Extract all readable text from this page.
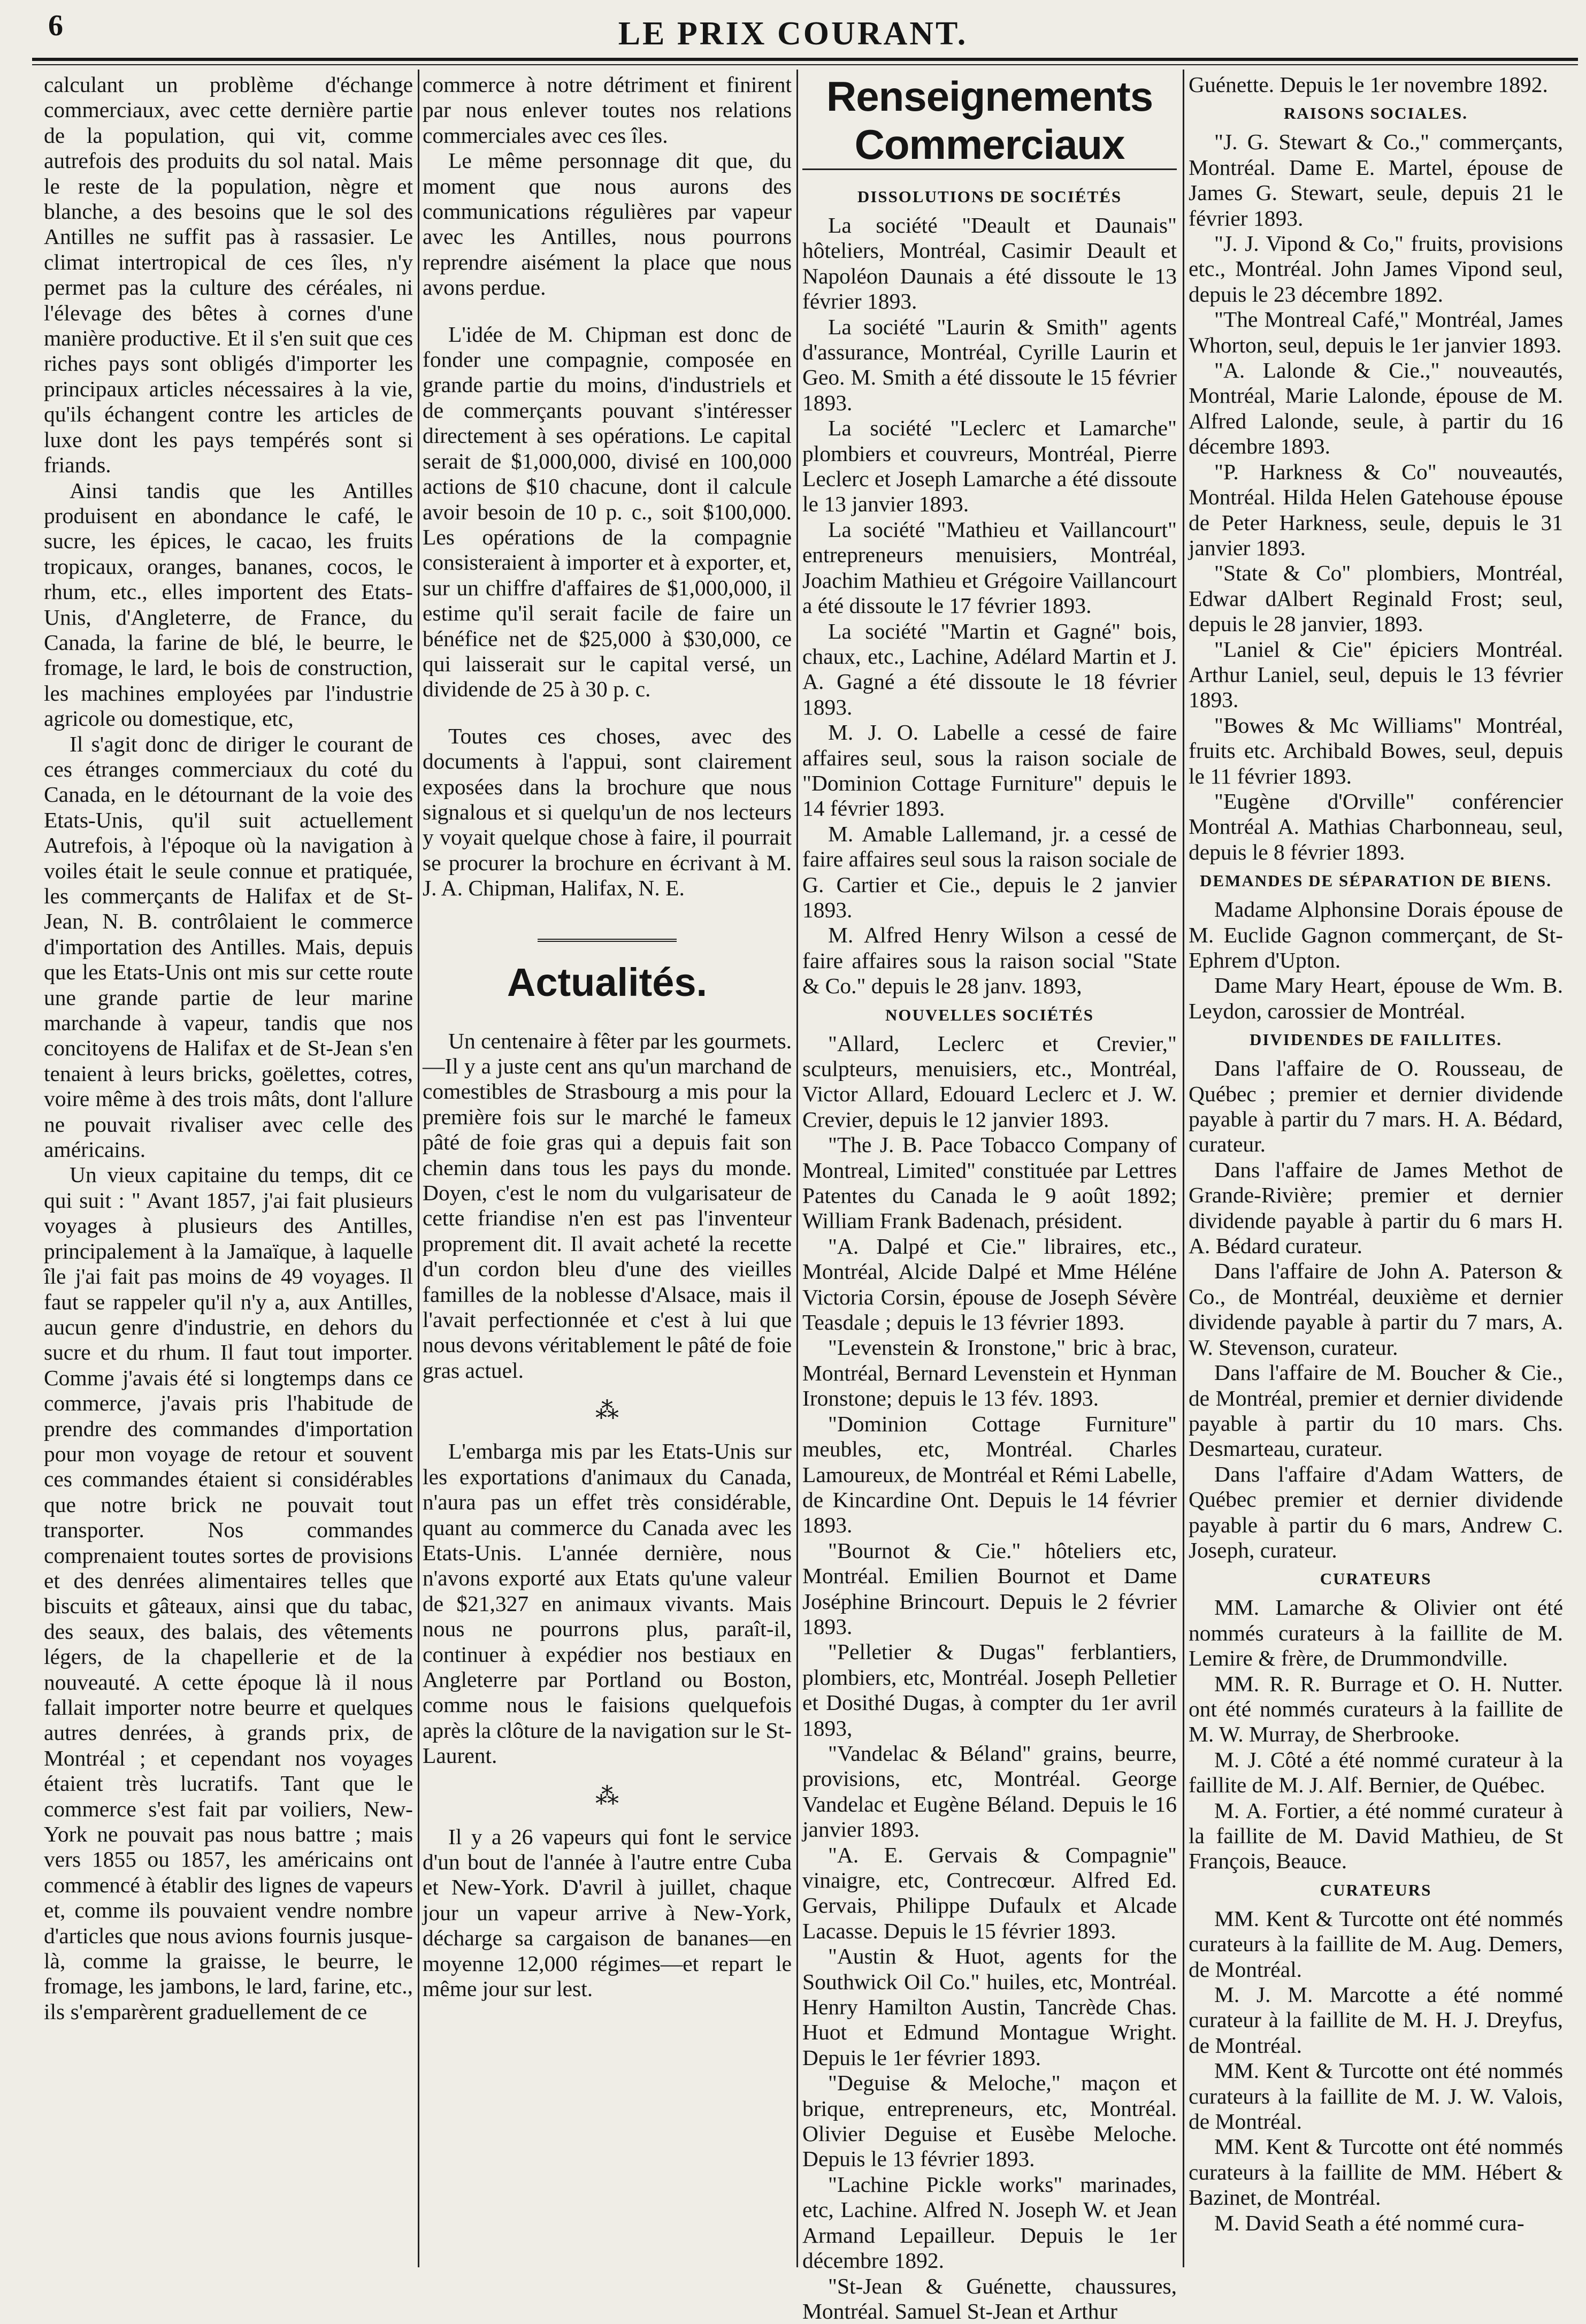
6	LE PRIX COURANT.

calculant un problème d'échange commerciaux, avec cette dernière partie de la population, qui vit, comme autrefois des produits du sol natal. Mais le reste de la population, nègre et blanche, a des besoins que le sol des Antilles ne suffit pas à rassasier. Le climat intertropical de ces îles, n'y permet pas la culture des céréales, ni l'élevage des bêtes à cornes d'une manière productive. Et il s'en suit que ces riches pays sont obligés d'importer les principaux articles nécessaires à la vie, qu'ils échangent contre les articles de luxe dont les pays tempérés sont si friands.

Ainsi tandis que les Antilles produisent en abondance le café, le sucre, les épices, le cacao, les fruits tropicaux, oranges, bananes, cocos, le rhum, etc., elles importent des Etats-Unis, d'Angleterre, de France, du Canada, la farine de blé, le beurre, le fromage, le lard, le bois de construction, les machines employées par l'industrie agricole ou domestique, etc,

Il s'agit donc de diriger le courant de ces étranges commerciaux du coté du Canada, en le détournant de la voie des Etats-Unis, qu'il suit actuellement Autrefois, à l'époque où la navigation à voiles était le seule connue et pratiquée, les commerçants de Halifax et de St-Jean, N. B. contrôlaient le commerce d'importation des Antilles. Mais, depuis que les Etats-Unis ont mis sur cette route une grande partie de leur marine marchande à vapeur, tandis que nos concitoyens de Halifax et de St-Jean s'en tenaient à leurs bricks, goëlettes, cotres, voire même à des trois mâts, dont l'allure ne pouvait rivaliser avec celle des américains.

Un vieux capitaine du temps, dit ce qui suit : " Avant 1857, j'ai fait plusieurs voyages à plusieurs des Antilles, principalement à la Jamaïque, à laquelle île j'ai fait pas moins de 49 voyages. Il faut se rappeler qu'il n'y a, aux Antilles, aucun genre d'industrie, en dehors du sucre et du rhum. Il faut tout importer. Comme j'avais été si longtemps dans ce commerce, j'avais pris l'habitude de prendre des commandes d'importation pour mon voyage de retour et souvent ces commandes étaient si considérables que notre brick ne pouvait tout transporter. Nos commandes comprenaient toutes sortes de provisions et des denrées alimentaires telles que biscuits et gâteaux, ainsi que du tabac, des seaux, des balais, des vêtements légers, de la chapellerie et de la nouveauté. A cette époque là il nous fallait importer notre beurre et quelques autres denrées, à grands prix, de Montréal ; et cependant nos voyages étaient très lucratifs. Tant que le commerce s'est fait par voiliers, New-York ne pouvait pas nous battre ; mais vers 1855 ou 1857, les américains ont commencé à établir des lignes de vapeurs et, comme ils pouvaient vendre nombre d'articles que nous avions fournis jusque-là, comme la graisse, le beurre, le fromage, les jambons, le lard, farine, etc., ils s'emparèrent graduellement de ce

commerce à notre détriment et finirent par nous enlever toutes nos relations commerciales avec ces îles.

Le même personnage dit que, du moment que nous aurons des communications régulières par vapeur avec les Antilles, nous pourrons reprendre aisément la place que nous avons perdue.

L'idée de M. Chipman est donc de fonder une compagnie, composée en grande partie du moins, d'industriels et de commerçants pouvant s'intéresser directement à ses opérations. Le capital serait de $1,000,000, divisé en 100,000 actions de $10 chacune, dont il calcule avoir besoin de 10 p. c., soit $100,000. Les opérations de la compagnie consisteraient à importer et à exporter, et, sur un chiffre d'affaires de $1,000,000, il estime qu'il serait facile de faire un bénéfice net de $25,000 à $30,000, ce qui laisserait sur le capital versé, un dividende de 25 à 30 p. c.

Toutes ces choses, avec des documents à l'appui, sont clairement exposées dans la brochure que nous signalous et si quelqu'un de nos lecteurs y voyait quelque chose à faire, il pourrait se procurer la brochure en écrivant à M. J. A. Chipman, Halifax, N. E.

Actualités.

Un centenaire à fêter par les gourmets.—Il y a juste cent ans qu'un marchand de comestibles de Strasbourg a mis pour la première fois sur le marché le fameux pâté de foie gras qui a depuis fait son chemin dans tous les pays du monde. Doyen, c'est le nom du vulgarisateur de cette friandise n'en est pas l'inventeur proprement dit. Il avait acheté la recette d'un cordon bleu d'une des vieilles familles de la noblesse d'Alsace, mais il l'avait perfectionnée et c'est à lui que nous devons véritablement le pâté de foie gras actuel.

⁂

L'embarga mis par les Etats-Unis sur les exportations d'animaux du Canada, n'aura pas un effet très considérable, quant au commerce du Canada avec les Etats-Unis. L'année dernière, nous n'avons exporté aux Etats qu'une valeur de $21,327 en animaux vivants. Mais nous ne pourrons plus, paraît-il, continuer à expédier nos bestiaux en Angleterre par Portland ou Boston, comme nous le faisions quelquefois après la clôture de la navigation sur le St-Laurent.

⁂

Il y a 26 vapeurs qui font le service d'un bout de l'année à l'autre entre Cuba et New-York. D'avril à juillet, chaque jour un vapeur arrive à New-York, décharge sa cargaison de bananes—en moyenne 12,000 régimes—et repart le même jour sur lest.

Renseignements Commerciaux
DISSOLUTIONS DE SOCIÉTÉS

La société "Deault et Daunais" hôteliers, Montréal, Casimir Deault et Napoléon Daunais a été dissoute le 13 février 1893.

La société "Laurin & Smith" agents d'assurance, Montréal, Cyrille Laurin et Geo. M. Smith a été dissoute le 15 février 1893.

La société "Leclerc et Lamarche" plombiers et couvreurs, Montréal, Pierre Leclerc et Joseph Lamarche a été dissoute le 13 janvier 1893.

La société "Mathieu et Vaillancourt" entrepreneurs menuisiers, Montréal, Joachim Mathieu et Grégoire Vaillancourt a été dissoute le 17 février 1893.

La société "Martin et Gagné" bois, chaux, etc., Lachine, Adélard Martin et J. A. Gagné a été dissoute le 18 février 1893.

M. J. O. Labelle a cessé de faire affaires seul, sous la raison sociale de "Dominion Cottage Furniture" depuis le 14 février 1893.

M. Amable Lallemand, jr. a cessé de faire affaires seul sous la raison sociale de G. Cartier et Cie., depuis le 2 janvier 1893.

M. Alfred Henry Wilson a cessé de faire affaires sous la raison social "State & Co." depuis le 28 janv. 1893,

NOUVELLES SOCIÉTÉS

"Allard, Leclerc et Crevier," sculpteurs, menuisiers, etc., Montréal, Victor Allard, Edouard Leclerc et J. W. Crevier, depuis le 12 janvier 1893.

"The J. B. Pace Tobacco Company of Montreal, Limited" constituée par Lettres Patentes du Canada le 9 août 1892; William Frank Badenach, président.

"A. Dalpé et Cie." libraires, etc., Montréal, Alcide Dalpé et Mme Héléne Victoria Corsin, épouse de Joseph Sévère Teasdale ; depuis le 13 février 1893.

"Levenstein & Ironstone," bric à brac, Montréal, Bernard Levenstein et Hynman Ironstone; depuis le 13 fév. 1893.

"Dominion Cottage Furniture" meubles, etc, Montréal. Charles Lamoureux, de Montréal et Rémi Labelle, de Kincardine Ont. Depuis le 14 février 1893.

"Bournot & Cie." hôteliers etc, Montréal. Emilien Bournot et Dame Joséphine Brincourt. Depuis le 2 février 1893.

"Pelletier & Dugas" ferblantiers, plombiers, etc, Montréal. Joseph Pelletier et Dosithé Dugas, à compter du 1er avril 1893,

"Vandelac & Béland" grains, beurre, provisions, etc, Montréal. George Vandelac et Eugène Béland. Depuis le 16 janvier 1893.

"A. E. Gervais & Compagnie" vinaigre, etc, Contrecœur. Alfred Ed. Gervais, Philippe Dufaulx et Alcade Lacasse. Depuis le 15 février 1893.

"Austin & Huot, agents for the Southwick Oil Co." huiles, etc, Montréal. Henry Hamilton Austin, Tancrède Chas. Huot et Edmund Montague Wright. Depuis le 1er février 1893.

"Deguise & Meloche," maçon et brique, entrepreneurs, etc, Montréal. Olivier Deguise et Eusèbe Meloche. Depuis le 13 février 1893.

"Lachine Pickle works" marinades, etc, Lachine. Alfred N. Joseph W. et Jean Armand Lepailleur. Depuis le 1er décembre 1892.

"St-Jean & Guénette, chaussures, Montréal. Samuel St-Jean et Arthur

Guénette. Depuis le 1er novembre 1892.

RAISONS SOCIALES.

"J. G. Stewart & Co.," commerçants, Montréal. Dame E. Martel, épouse de James G. Stewart, seule, depuis 21 le février 1893.

"J. J. Vipond & Co," fruits, provisions etc., Montréal. John James Vipond seul, depuis le 23 décembre 1892.

"The Montreal Café," Montréal, James Whorton, seul, depuis le 1er janvier 1893.

"A. Lalonde & Cie.," nouveautés, Montréal, Marie Lalonde, épouse de M. Alfred Lalonde, seule, à partir du 16 décembre 1893.

"P. Harkness & Co" nouveautés, Montréal. Hilda Helen Gatehouse épouse de Peter Harkness, seule, depuis le 31 janvier 1893.

"State & Co" plombiers, Montréal, Edwar dAlbert Reginald Frost; seul, depuis le 28 janvier, 1893.

"Laniel & Cie" épiciers Montréal. Arthur Laniel, seul, depuis le 13 février 1893.

"Bowes & Mc Williams" Montréal, fruits etc. Archibald Bowes, seul, depuis le 11 février 1893.

"Eugène d'Orville" conférencier Montréal A. Mathias Charbonneau, seul, depuis le 8 février 1893.

DEMANDES DE SÉPARATION DE BIENS.

Madame Alphonsine Dorais épouse de M. Euclide Gagnon commerçant, de St-Ephrem d'Upton.

Dame Mary Heart, épouse de Wm. B. Leydon, carossier de Montréal.

DIVIDENDES DE FAILLITES.

Dans l'affaire de O. Rousseau, de Québec ; premier et dernier dividende payable à partir du 7 mars. H. A. Bédard, curateur.

Dans l'affaire de James Methot de Grande-Rivière; premier et dernier dividende payable à partir du 6 mars H. A. Bédard curateur.

Dans l'affaire de John A. Paterson & Co., de Montréal, deuxième et dernier dividende payable à partir du 7 mars, A. W. Stevenson, curateur.

Dans l'affaire de M. Boucher & Cie., de Montréal, premier et dernier dividende payable à partir du 10 mars. Chs. Desmarteau, curateur.

Dans l'affaire d'Adam Watters, de Québec premier et dernier dividende payable à partir du 6 mars, Andrew C. Joseph, curateur.

CURATEURS

MM. Lamarche & Olivier ont été nommés curateurs à la faillite de M. Lemire & frère, de Drummondville.

MM. R. R. Burrage et O. H. Nutter. ont été nommés curateurs à la faillite de M. W. Murray, de Sherbrooke.

M. J. Côté a été nommé curateur à la faillite de M. J. Alf. Bernier, de Québec.

M. A. Fortier, a été nommé curateur à la faillite de M. David Mathieu, de St François, Beauce.

CURATEURS

MM. Kent & Turcotte ont été nommés curateurs à la faillite de M. Aug. Demers, de Montréal.

M. J. M. Marcotte a été nommé curateur à la faillite de M. H. J. Dreyfus, de Montréal.

MM. Kent & Turcotte ont été nommés curateurs à la faillite de M. J. W. Valois, de Montréal.

MM. Kent & Turcotte ont été nommés curateurs à la faillite de MM. Hébert & Bazinet, de Montréal.

M. David Seath a été nommé cura-
